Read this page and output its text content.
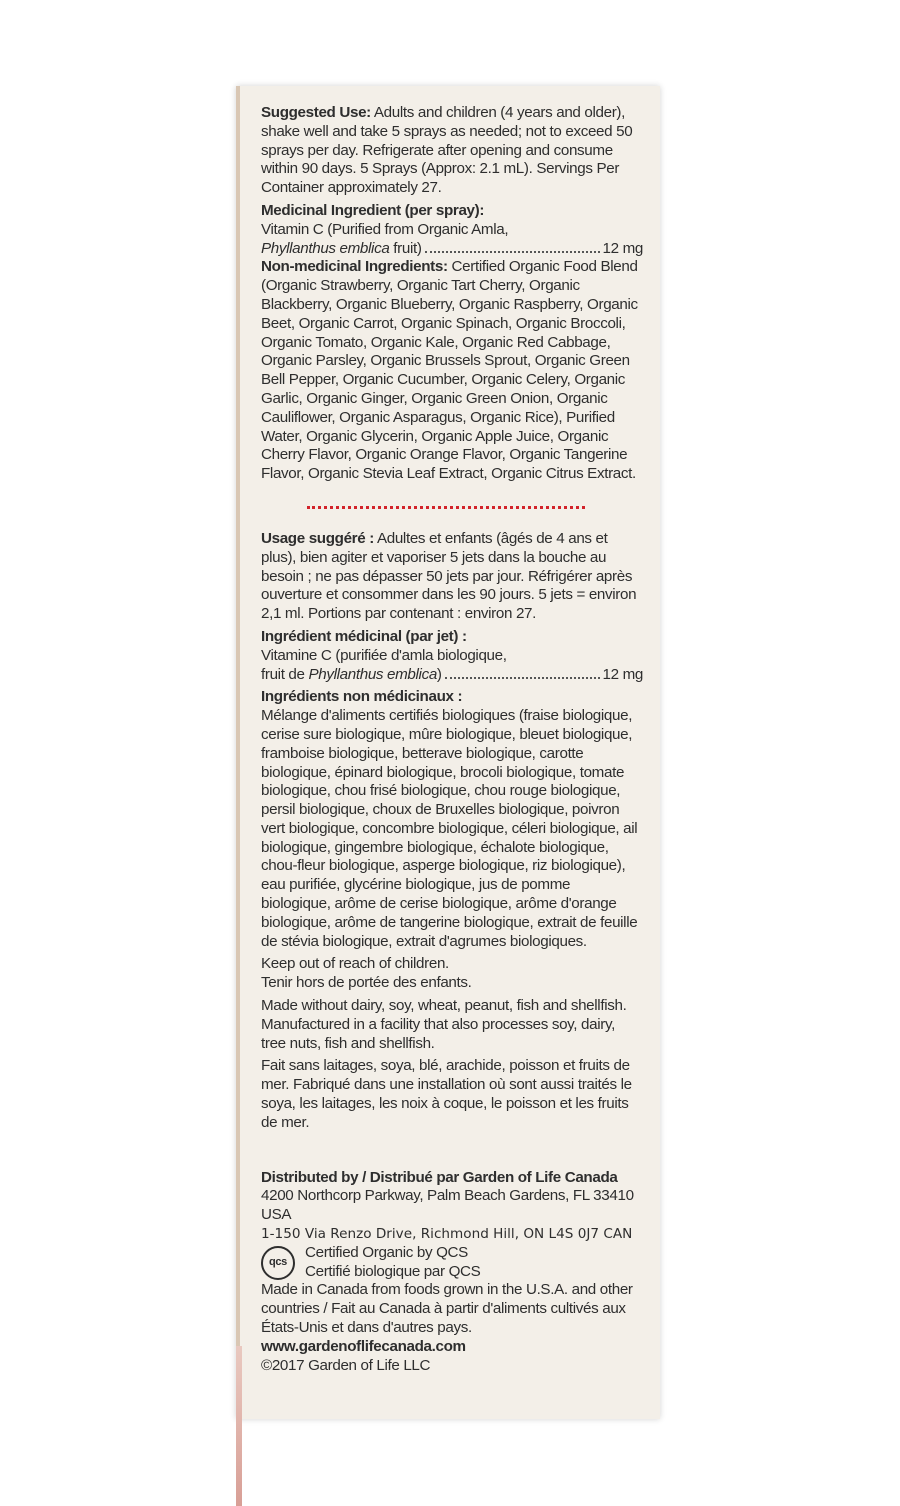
Suggested Use: Adults and children (4 years and older), shake well and take 5 sprays as needed; not to exceed 50 sprays per day. Refrigerate after opening and consume within 90 days. 5 Sprays (Approx: 2.1 mL). Servings Per Container approximately 27.

Medicinal Ingredient (per spray):

Vitamin C (Purified from Organic Amla,

Phyllanthus emblica fruit)	12 mg

Non-medicinal Ingredients: Certified Organic Food Blend (Organic Strawberry, Organic Tart Cherry, Organic Blackberry, Organic Blueberry, Organic Raspberry, Organic Beet, Organic Carrot, Organic Spinach, Organic Broccoli, Organic Tomato, Organic Kale, Organic Red Cabbage, Organic Parsley, Organic Brussels Sprout, Organic Green Bell Pepper, Organic Cucumber, Organic Celery, Organic Garlic, Organic Ginger, Organic Green Onion, Organic Cauliflower, Organic Asparagus, Organic Rice), Purified Water, Organic Glycerin, Organic Apple Juice, Organic Cherry Flavor, Organic Orange Flavor, Organic Tangerine Flavor, Organic Stevia Leaf Extract, Organic Citrus Extract.

Usage suggéré : Adultes et enfants (âgés de 4 ans et plus), bien agiter et vaporiser 5 jets dans la bouche au besoin ; ne pas dépasser 50 jets par jour. Réfrigérer après ouverture et consommer dans les 90 jours. 5 jets = environ 2,1 ml. Portions par contenant : environ 27.

Ingrédient médicinal (par jet) :

Vitamine C (purifiée d'amla biologique,

fruit de Phyllanthus emblica)	12 mg

Ingrédients non médicinaux :

Mélange d'aliments certifiés biologiques (fraise biologique, cerise sure biologique, mûre biologique, bleuet biologique, framboise biologique, betterave biologique, carotte biologique, épinard biologique, brocoli biologique, tomate biologique, chou frisé biologique, chou rouge biologique, persil biologique, choux de Bruxelles biologique, poivron vert biologique, concombre biologique, céleri biologique, ail biologique, gingembre biologique, échalote biologique, chou-fleur biologique, asperge biologique, riz biologique), eau purifiée, glycérine biologique, jus de pomme biologique, arôme de cerise biologique, arôme d'orange biologique, arôme de tangerine biologique, extrait de feuille de stévia biologique, extrait d'agrumes biologiques.

Keep out of reach of children.

Tenir hors de portée des enfants.

Made without dairy, soy, wheat, peanut, fish and shellfish. Manufactured in a facility that also processes soy, dairy, tree nuts, fish and shellfish.

Fait sans laitages, soya, blé, arachide, poisson et fruits de mer. Fabriqué dans une installation où sont aussi traités le soya, les laitages, les noix à coque, le poisson et les fruits de mer.

Distributed by / Distribué par Garden of Life Canada

4200 Northcorp Parkway, Palm Beach Gardens, FL 33410 USA

1-150 Via Renzo Drive, Richmond Hill, ON L4S 0J7 CAN

qcs

Certified Organic by QCS

Certifié biologique par QCS

Made in Canada from foods grown in the U.S.A. and other countries / Fait au Canada à partir d'aliments cultivés aux États-Unis et dans d'autres pays.

www.gardenoflifecanada.com

©2017 Garden of Life LLC
